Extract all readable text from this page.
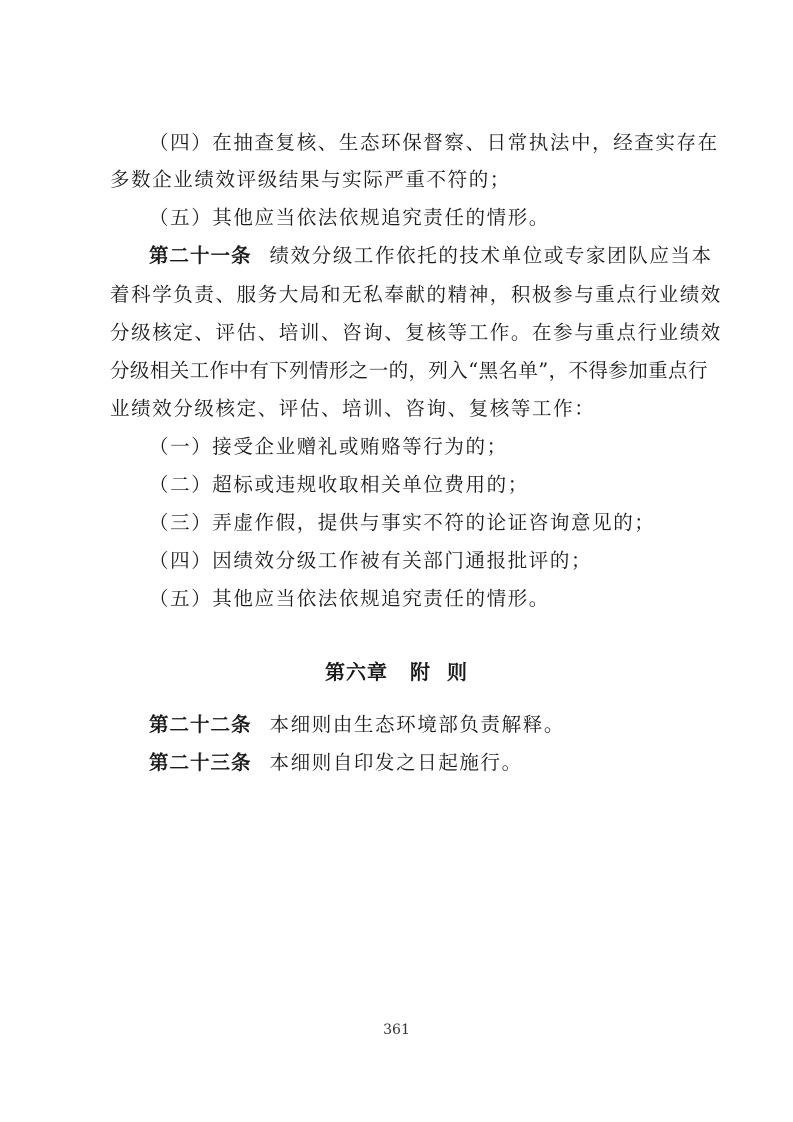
（四）在抽查复核、生态环保督察、日常执法中，经查实存在
多数企业绩效评级结果与实际严重不符的；
（五）其他应当依法依规追究责任的情形。
第二十一条 绩效分级工作依托的技术单位或专家团队应当本
着科学负责、服务大局和无私奉献的精神，积极参与重点行业绩效
分级核定、评估、培训、咨询、复核等工作。在参与重点行业绩效
分级相关工作中有下列情形之一的，列入“黑名单”，不得参加重点行
业绩效分级核定、评估、培训、咨询、复核等工作：
（一）接受企业赠礼或贿赂等行为的；
（二）超标或违规收取相关单位费用的；
（三）弄虚作假，提供与事实不符的论证咨询意见的；
（四）因绩效分级工作被有关部门通报批评的；
（五）其他应当依法依规追究责任的情形。
第六章 附  则
第二十二条 本细则由生态环境部负责解释。
第二十三条 本细则自印发之日起施行。
361
